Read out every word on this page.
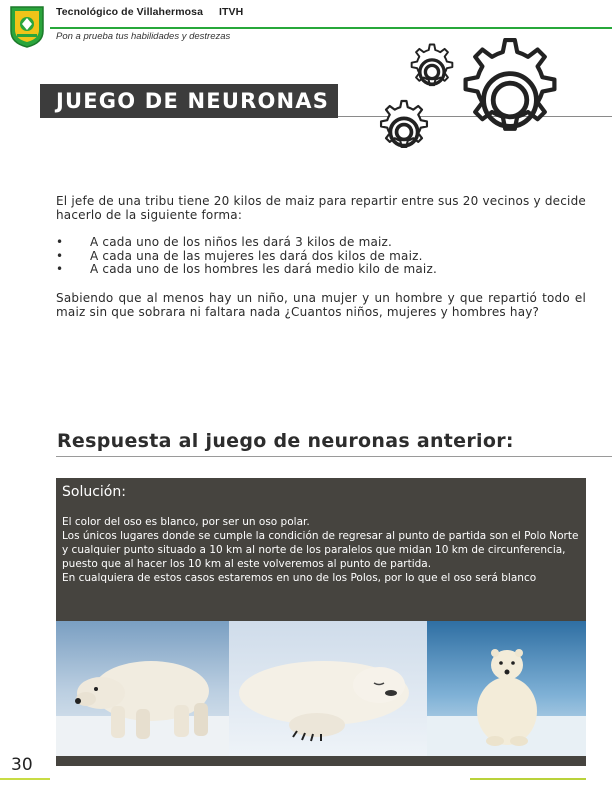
Tecnológico de Villahermosa ITVH
Pon a prueba tus habilidades y destrezas
JUEGO DE NEURONAS

El jefe de una tribu tiene 20 kilos de maiz para repartir entre sus 20 vecinos y decide hacerlo de la siguiente forma:

• A cada uno de los niños les dará 3 kilos de maiz.
• A cada una de las mujeres les dará dos kilos de maiz.
• A cada uno de los hombres les dará medio kilo de maiz.

Sabiendo que al menos hay un niño, una mujer y un hombre y que repartió todo el maiz sin que sobrara ni faltara nada ¿Cuantos niños, mujeres y hombres hay?

Respuesta al juego de neuronas anterior:
Solución:

El color del oso es blanco, por ser un oso polar.

Los únicos lugares donde se cumple la condición de regresar al punto de partida son el Polo Norte y cualquier punto situado a 10 km al norte de los paralelos que midan 10 km de circunferencia, puesto que al hacer los 10 km al este volveremos al punto de partida.

En cualquiera de estos casos estaremos en uno de los Polos, por lo que el oso será blanco

30
